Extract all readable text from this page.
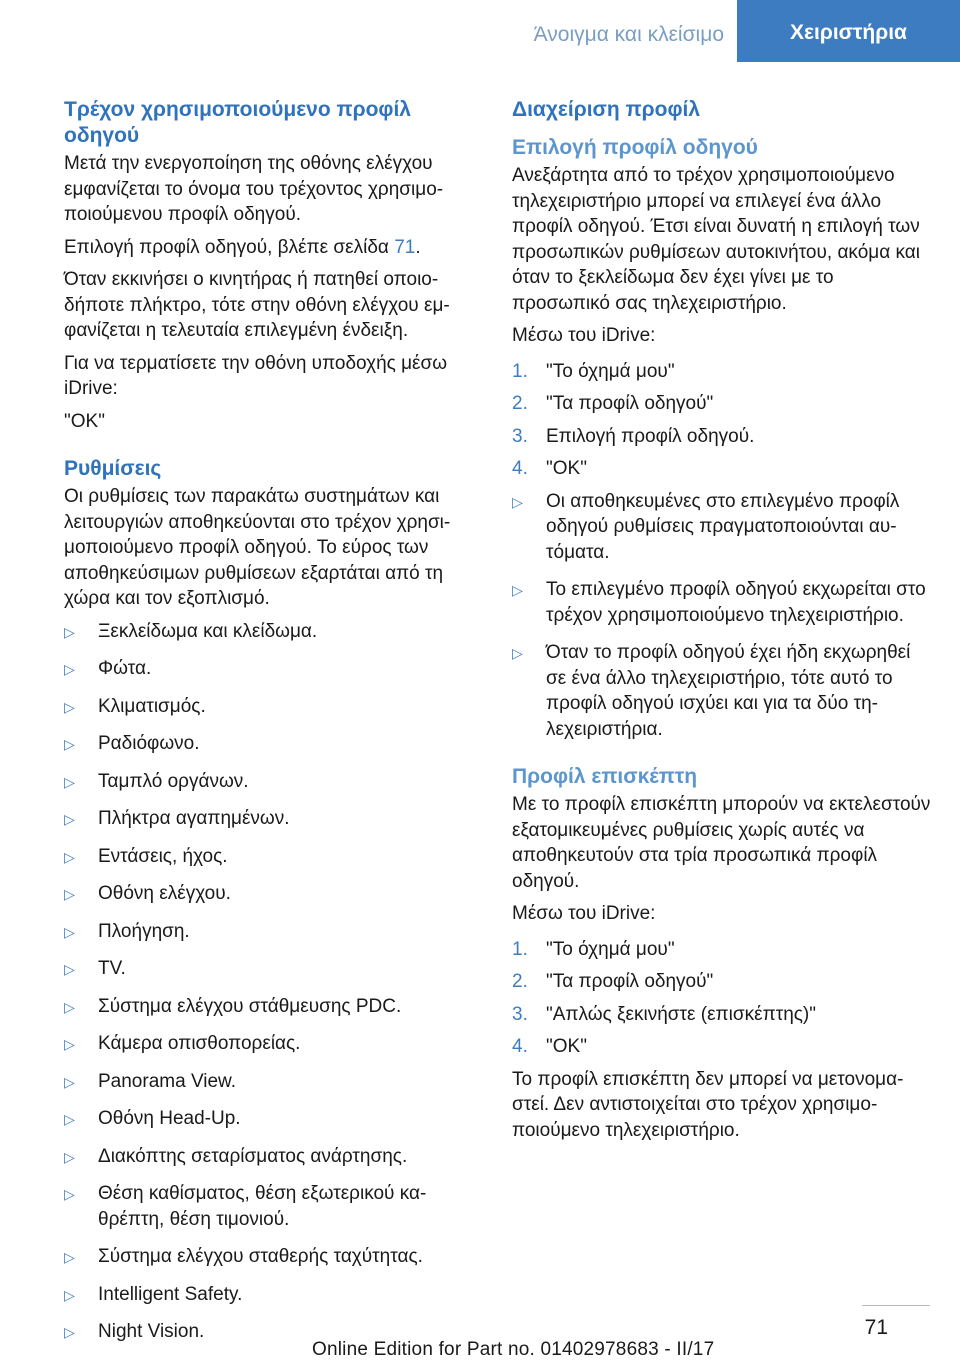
Άνοιγμα και κλείσιμο	Χειριστήρια
Τρέχον χρησιμοποιούμενο προφίλ
οδηγού

Μετά την ενεργοποίηση της οθόνης ελέγχου εμφανίζεται το όνομα του τρέχοντος χρησιμοποιούμενου προφίλ οδηγού.

Επιλογή προφίλ οδηγού, βλέπε σελίδα 71.

Όταν εκκινήσει ο κινητήρας ή πατηθεί οποιοδήποτε πλήκτρο, τότε στην οθόνη ελέγχου εμφανίζεται η τελευταία επιλεγμένη ένδειξη.

Για να τερματίσετε την οθόνη υποδοχής μέσω iDrive:

"OK"

Ρυθμίσεις

Οι ρυθμίσεις των παρακάτω συστημάτων και λειτουργιών αποθηκεύονται στο τρέχον χρησιμοποιούμενο προφίλ οδηγού. Το εύρος των αποθηκεύσιμων ρυθμίσεων εξαρτάται από τη χώρα και τον εξοπλισμό.

▷ Ξεκλείδωμα και κλείδωμα.
▷ Φώτα.
▷ Κλιματισμός.
▷ Ραδιόφωνο.
▷ Ταμπλό οργάνων.
▷ Πλήκτρα αγαπημένων.
▷ Εντάσεις, ήχος.
▷ Οθόνη ελέγχου.
▷ Πλοήγηση.
▷ TV.
▷ Σύστημα ελέγχου στάθμευσης PDC.
▷ Κάμερα οπισθοπορείας.
▷ Panorama View.
▷ Οθόνη Head-Up.
▷ Διακόπτης σεταρίσματος ανάρτησης.
▷ Θέση καθίσματος, θέση εξωτερικού καθρέπτη, θέση τιμονιού.
▷ Σύστημα ελέγχου σταθερής ταχύτητας.
▷ Intelligent Safety.
▷ Night Vision.
Διαχείριση προφίλ
Επιλογή προφίλ οδηγού

Ανεξάρτητα από το τρέχον χρησιμοποιούμενο τηλεχειριστήριο μπορεί να επιλεγεί ένα άλλο προφίλ οδηγού. Έτσι είναι δυνατή η επιλογή των προσωπικών ρυθμίσεων αυτοκινήτου, ακόμα και όταν το ξεκλείδωμα δεν έχει γίνει με το προσωπικό σας τηλεχειριστήριο.

Μέσω του iDrive:

1. "Το όχημά μου"
2. "Τα προφίλ οδηγού"
3. Επιλογή προφίλ οδηγού.
4. "OK"
▷ Οι αποθηκευμένες στο επιλεγμένο προφίλ οδηγού ρυθμίσεις πραγματοποιούνται αυτόματα.
▷ Το επιλεγμένο προφίλ οδηγού εκχωρείται στο τρέχον χρησιμοποιούμενο τηλεχειριστήριο.
▷ Όταν το προφίλ οδηγού έχει ήδη εκχωρηθεί σε ένα άλλο τηλεχειριστήριο, τότε αυτό το προφίλ οδηγού ισχύει και για τα δύο τηλεχειριστήρια.
Προφίλ επισκέπτη

Με το προφίλ επισκέπτη μπορούν να εκτελεστούν εξατομικευμένες ρυθμίσεις χωρίς αυτές να αποθηκευτούν στα τρία προσωπικά προφίλ οδηγού.

Μέσω του iDrive:

1. "Το όχημά μου"
2. "Τα προφίλ οδηγού"
3. "Απλώς ξεκινήστε (επισκέπτης)"
4. "OK"

Το προφίλ επισκέπτη δεν μπορεί να μετονομαστεί. Δεν αντιστοιχείται στο τρέχον χρησιμοποιούμενο τηλεχειριστήριο.

71
Online Edition for Part no. 01402978683 - II/17
